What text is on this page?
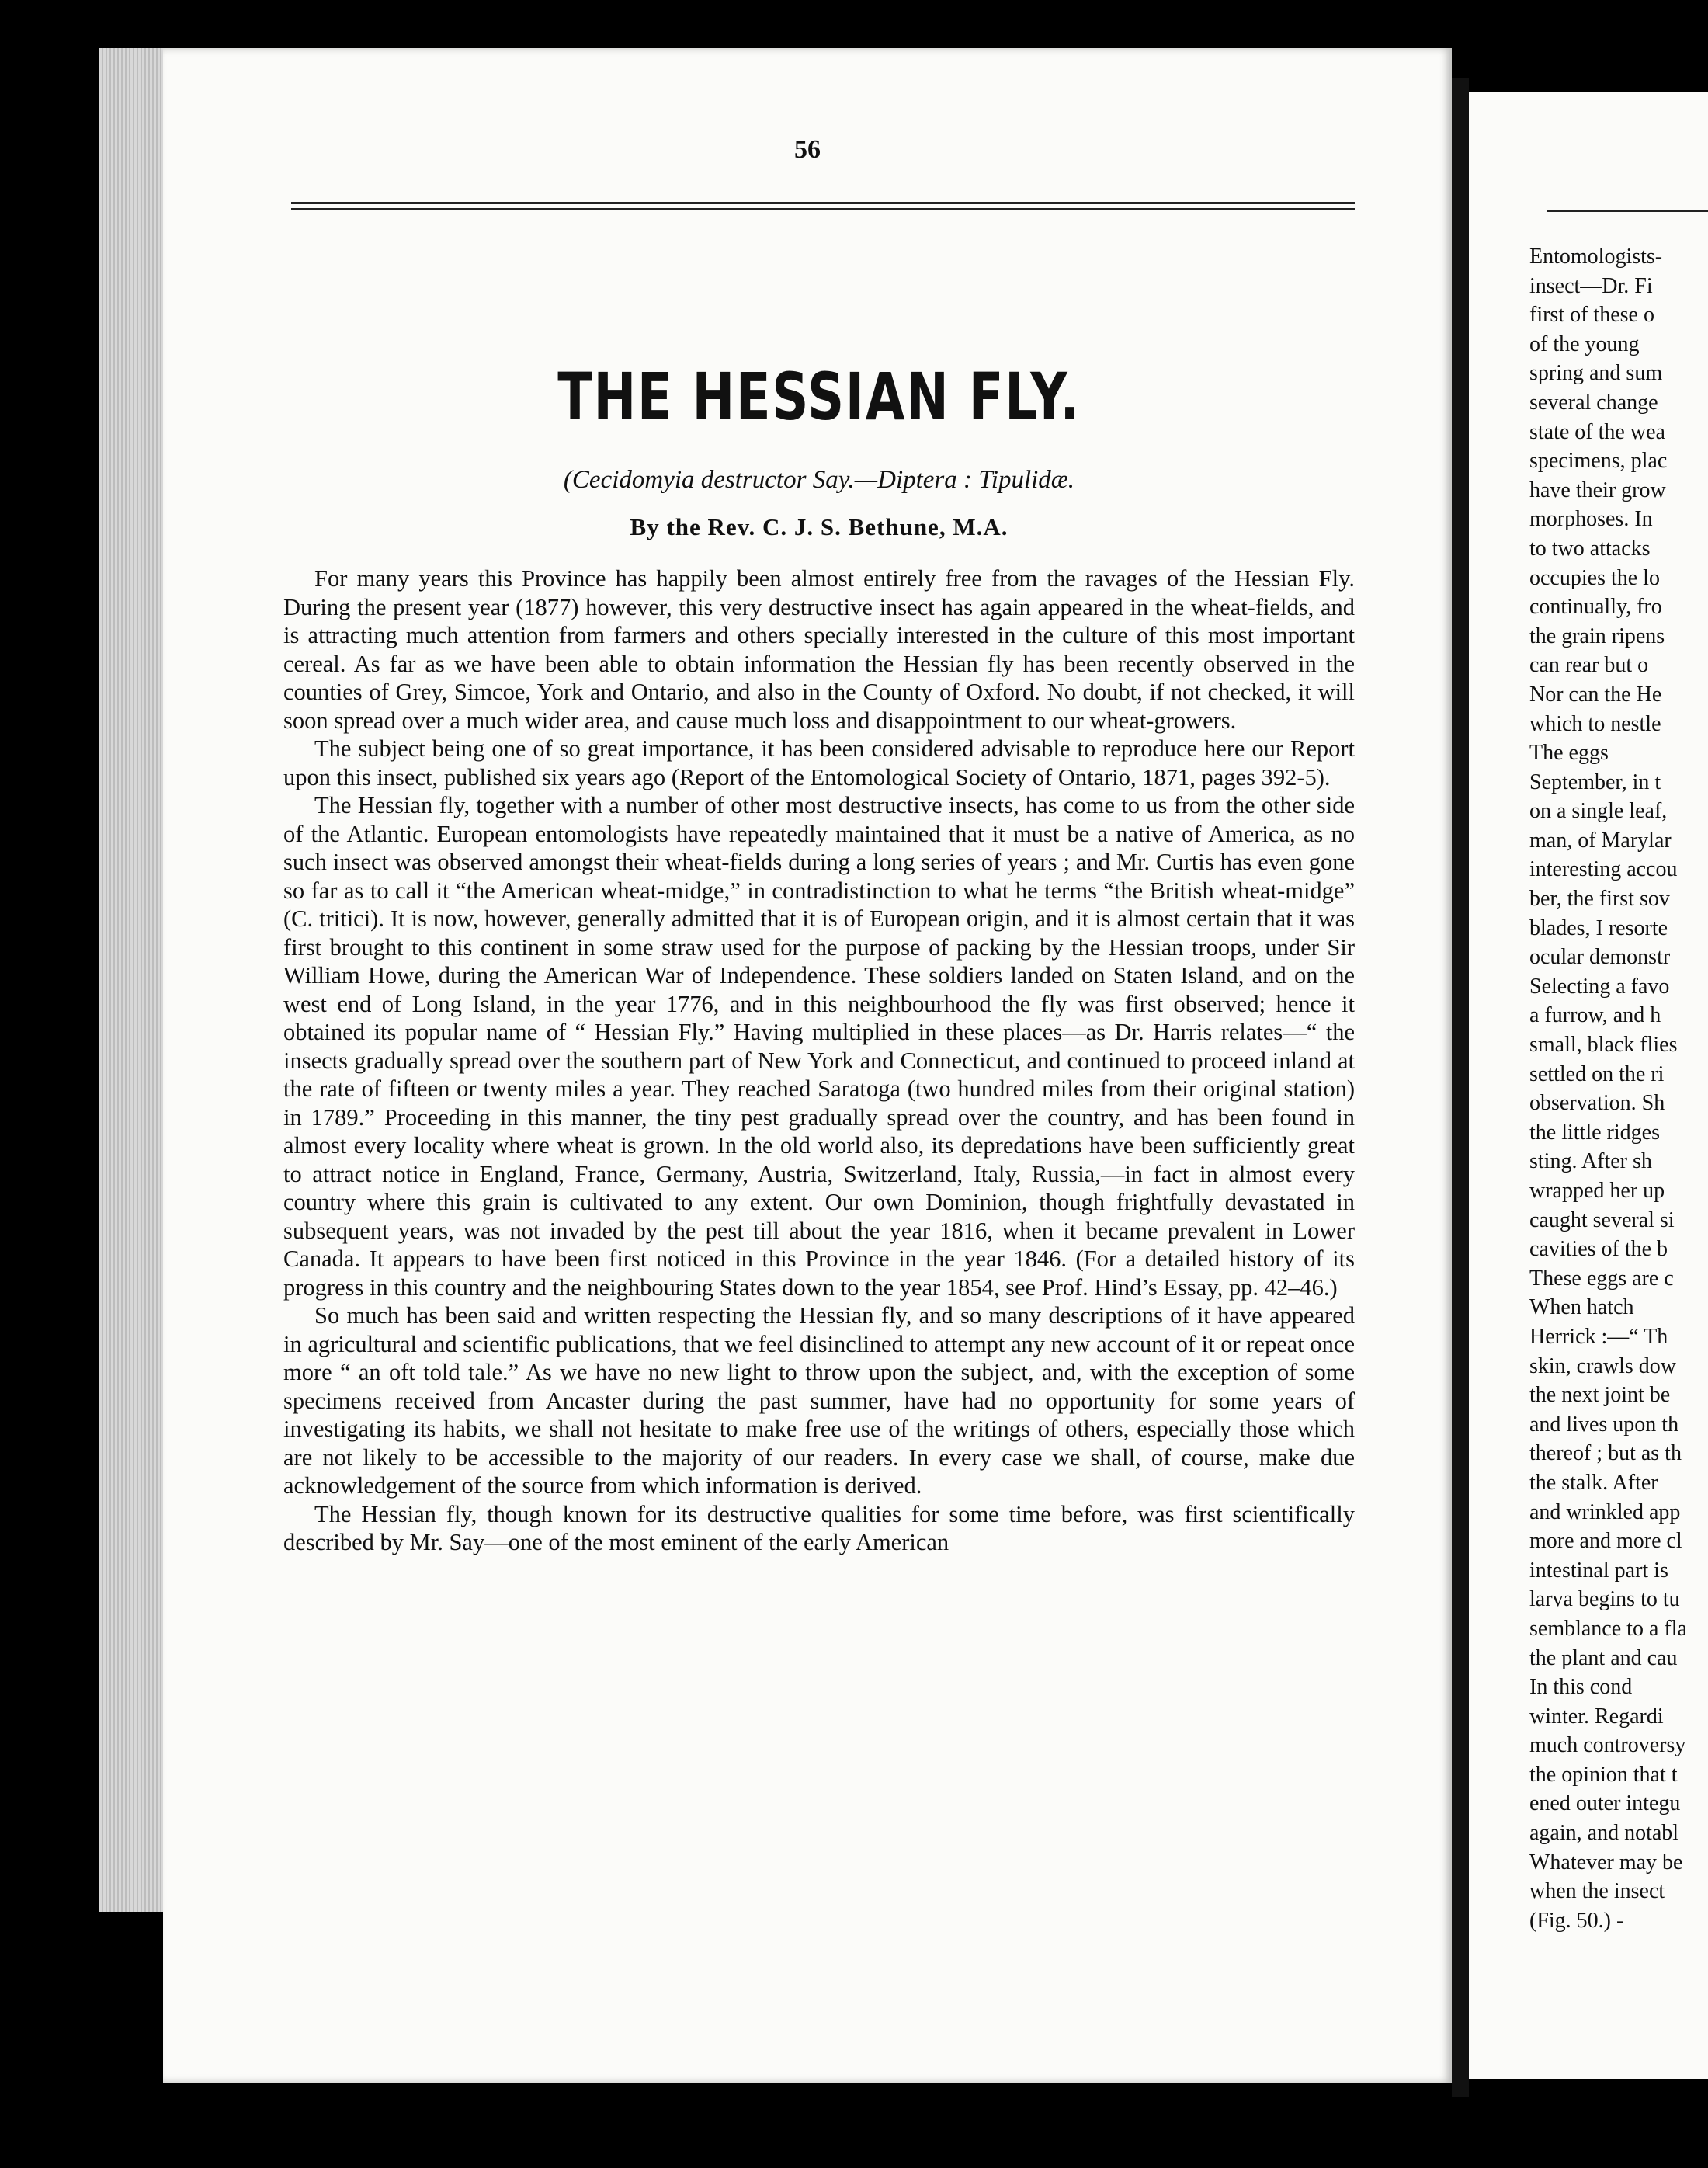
56
THE HESSIAN FLY.

(Cecidomyia destructor Say.—Diptera : Tipulidæ.

By the Rev. C. J. S. Bethune, M.A.

For many years this Province has happily been almost entirely free from the ravages of the Hessian Fly. During the present year (1877) however, this very destructive insect has again appeared in the wheat-fields, and is attracting much attention from farmers and others specially interested in the culture of this most important cereal. As far as we have been able to obtain information the Hessian fly has been recently observed in the counties of Grey, Simcoe, York and Ontario, and also in the County of Oxford. No doubt, if not checked, it will soon spread over a much wider area, and cause much loss and disappointment to our wheat-growers.

The subject being one of so great importance, it has been considered advisable to reproduce here our Report upon this insect, published six years ago (Report of the Entomological Society of Ontario, 1871, pages 392-5).

The Hessian fly, together with a number of other most destructive insects, has come to us from the other side of the Atlantic. European entomologists have repeatedly maintained that it must be a native of America, as no such insect was observed amongst their wheat-fields during a long series of years ; and Mr. Curtis has even gone so far as to call it “the American wheat-midge,” in contradistinction to what he terms “the British wheat-midge” (C. tritici). It is now, however, generally admitted that it is of European origin, and it is almost certain that it was first brought to this continent in some straw used for the purpose of packing by the Hessian troops, under Sir William Howe, during the American War of Independence. These soldiers landed on Staten Island, and on the west end of Long Island, in the year 1776, and in this neighbourhood the fly was first observed; hence it obtained its popular name of “ Hessian Fly.” Having multiplied in these places—as Dr. Harris relates—“ the insects gradually spread over the southern part of New York and Connecticut, and continued to proceed inland at the rate of fifteen or twenty miles a year. They reached Saratoga (two hundred miles from their original station) in 1789.” Proceeding in this manner, the tiny pest gradually spread over the country, and has been found in almost every locality where wheat is grown. In the old world also, its depredations have been sufficiently great to attract notice in England, France, Germany, Austria, Switzerland, Italy, Russia,—in fact in almost every country where this grain is cultivated to any extent. Our own Dominion, though frightfully devastated in subsequent years, was not invaded by the pest till about the year 1816, when it became prevalent in Lower Canada. It appears to have been first noticed in this Province in the year 1846. (For a detailed history of its progress in this country and the neighbouring States down to the year 1854, see Prof. Hind’s Essay, pp. 42–46.)

So much has been said and written respecting the Hessian fly, and so many descriptions of it have appeared in agricultural and scientific publications, that we feel disinclined to attempt any new account of it or repeat once more “ an oft told tale.” As we have no new light to throw upon the subject, and, with the exception of some specimens received from Ancaster during the past summer, have had no opportunity for some years of investigating its habits, we shall not hesitate to make free use of the writings of others, especially those which are not likely to be accessible to the majority of our readers. In every case we shall, of course, make due acknowledgement of the source from which information is derived.

The Hessian fly, though known for its destructive qualities for some time before, was first scientifically described by Mr. Say—one of the most eminent of the early American

Entomologists-
insect—Dr. Fi
first of these o
of the young
spring and sum
several change
state of the wea
specimens, plac
have their grow
morphoses. In
to two attacks
occupies the lo
continually, fro
the grain ripens
can rear but o
Nor can the He
which to nestle
The eggs
September, in t
on a single leaf,
man, of Marylar
interesting accou
ber, the first sov
blades, I resorte
ocular demonstr
Selecting a favo
a furrow, and h
small, black flies
settled on the ri
observation. Sh
the little ridges
sting. After sh
wrapped her up
caught several si
cavities of the b
These eggs are c
When hatch
Herrick :—“ Th
skin, crawls dow
the next joint be
and lives upon th
thereof ; but as th
the stalk. After
and wrinkled app
more and more cl
intestinal part is
larva begins to tu
semblance to a fla
the plant and cau
In this cond
winter. Regardi
much controversy
the opinion that t
ened outer integu
again, and notabl
Whatever may be
when the insect
(Fig. 50.) -
